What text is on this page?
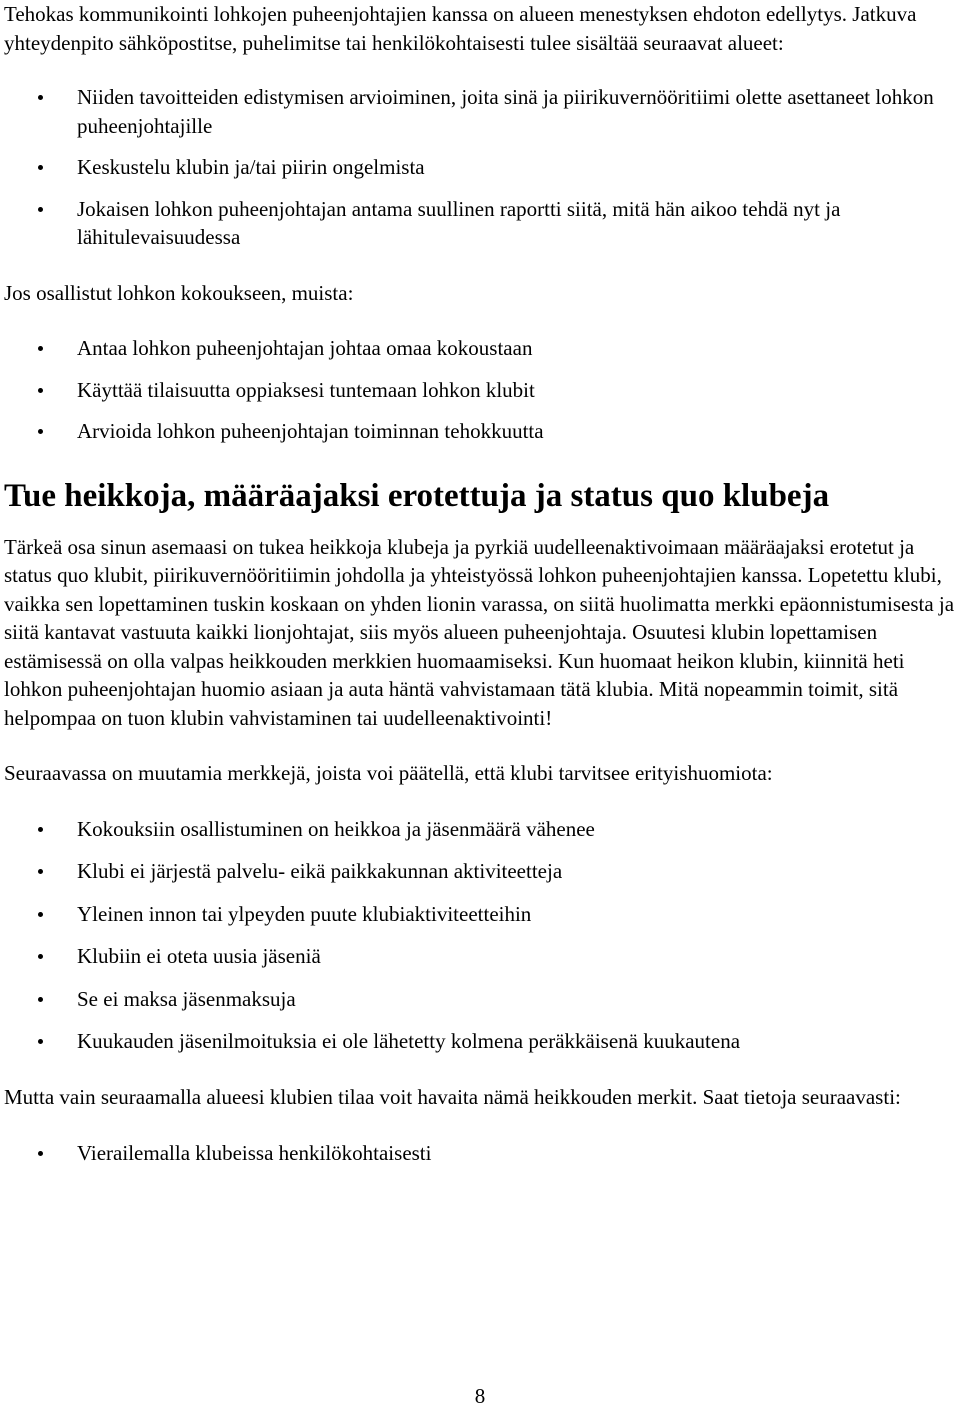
Tehokas kommunikointi lohkojen puheenjohtajien kanssa on alueen menestyksen ehdoton edellytys. Jatkuva yhteydenpito sähköpostitse, puhelimitse tai henkilökohtaisesti tulee sisältää seuraavat alueet:

Niiden tavoitteiden edistymisen arvioiminen, joita sinä ja piirikuvernööritiimi olette asettaneet lohkon puheenjohtajille
Keskustelu klubin ja/tai piirin ongelmista
Jokaisen lohkon puheenjohtajan antama suullinen raportti siitä, mitä hän aikoo tehdä nyt ja lähitulevaisuudessa

Jos osallistut lohkon kokoukseen, muista:

Antaa lohkon puheenjohtajan johtaa omaa kokoustaan
Käyttää tilaisuutta oppiaksesi tuntemaan lohkon klubit
Arvioida lohkon puheenjohtajan toiminnan tehokkuutta
Tue heikkoja, määräajaksi erotettuja ja status quo klubeja

Tärkeä osa sinun asemaasi on tukea heikkoja klubeja ja pyrkiä uudelleenaktivoimaan määräajaksi erotetut ja status quo klubit, piirikuvernööritiimin johdolla ja yhteistyössä lohkon puheenjohtajien kanssa. Lopetettu klubi, vaikka sen lopettaminen tuskin koskaan on yhden lionin varassa, on siitä huolimatta merkki epäonnistumisesta ja siitä kantavat vastuuta kaikki lionjohtajat, siis myös alueen puheenjohtaja. Osuutesi klubin lopettamisen estämisessä on olla valpas heikkouden merkkien huomaamiseksi. Kun huomaat heikon klubin, kiinnitä heti lohkon puheenjohtajan huomio asiaan ja auta häntä vahvistamaan tätä klubia. Mitä nopeammin toimit, sitä helpompaa on tuon klubin vahvistaminen tai uudelleenaktivointi!

Seuraavassa on muutamia merkkejä, joista voi päätellä, että klubi tarvitsee erityishuomiota:

Kokouksiin osallistuminen on heikkoa ja jäsenmäärä vähenee
Klubi ei järjestä palvelu- eikä paikkakunnan aktiviteetteja
Yleinen innon tai ylpeyden puute klubiaktiviteetteihin
Klubiin ei oteta uusia jäseniä
Se ei maksa jäsenmaksuja
Kuukauden jäsenilmoituksia ei ole lähetetty kolmena peräkkäisenä kuukautena

Mutta vain seuraamalla alueesi klubien tilaa voit havaita nämä heikkouden merkit. Saat tietoja seuraavasti:

Vierailemalla klubeissa henkilökohtaisesti
8
